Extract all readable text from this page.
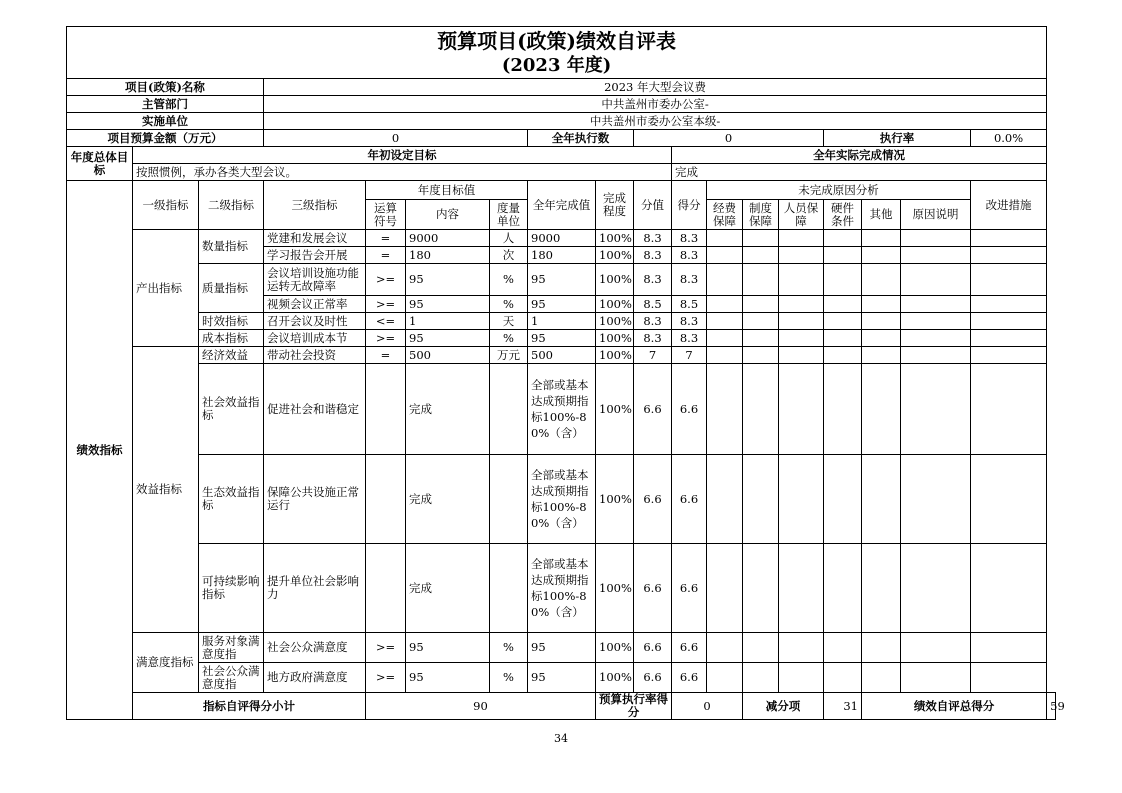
预算项目(政策)绩效自评表
(2023 年度)																		

项目(政策)名称			2023 年大型会议费															
主管部门			中共盖州市委办公室-															
实施单位			中共盖州市委办公室本级-															
项目预算金额（万元）			0				全年执行数		0					执行率			0.0%	
年度总体目标	年初设定目标									全年实际完成情况								
	按照惯例，承办各类大型会议。									完成								
绩效指标	一级指标	二级指标	三级指标	年度目标值			全年完成值	完成程度	分值	得分	未完成原因分析						改进措施	
				运算符号	内容	度量单位					经费保障	制度保障	人员保障	硬件条件	其他	原因说明		
	产出指标	数量指标	党建和发展会议	=	9000	人	9000	100%	8.3	8.3								
			学习报告会开展	=	180	次	180	100%	8.3	8.3								
		质量指标	会议培训设施功能运转无故障率	>=	95	%	95	100%	8.3	8.3								
			视频会议正常率	>=	95	%	95	100%	8.5	8.5								
		时效指标	召开会议及时性	<=	1	天	1	100%	8.3	8.3								
		成本指标	会议培训成本节	>=	95	%	95	100%	8.3	8.3								
	效益指标	经济效益	带动社会投资	=	500	万元	500	100%	7	7								
		社会效益指标	促进社会和谐稳定		完成		全部或基本达成预期指标100%-80%（含）	100%	6.6	6.6								
		生态效益指标	保障公共设施正常运行		完成		全部或基本达成预期指标100%-80%（含）	100%	6.6	6.6								
		可持续影响指标	提升单位社会影响力		完成		全部或基本达成预期指标100%-80%（含）	100%	6.6	6.6								
	满意度指标	服务对象满意度指	社会公众满意度	>=	95	%	95	100%	6.6	6.6								
		社会公众满意度指	地方政府满意度	>=	95	%	95	100%	6.6	6.6								
	指标自评得分小计			90				预算执行率得分		0		减分项		31	绩效自评总得分			59
34
